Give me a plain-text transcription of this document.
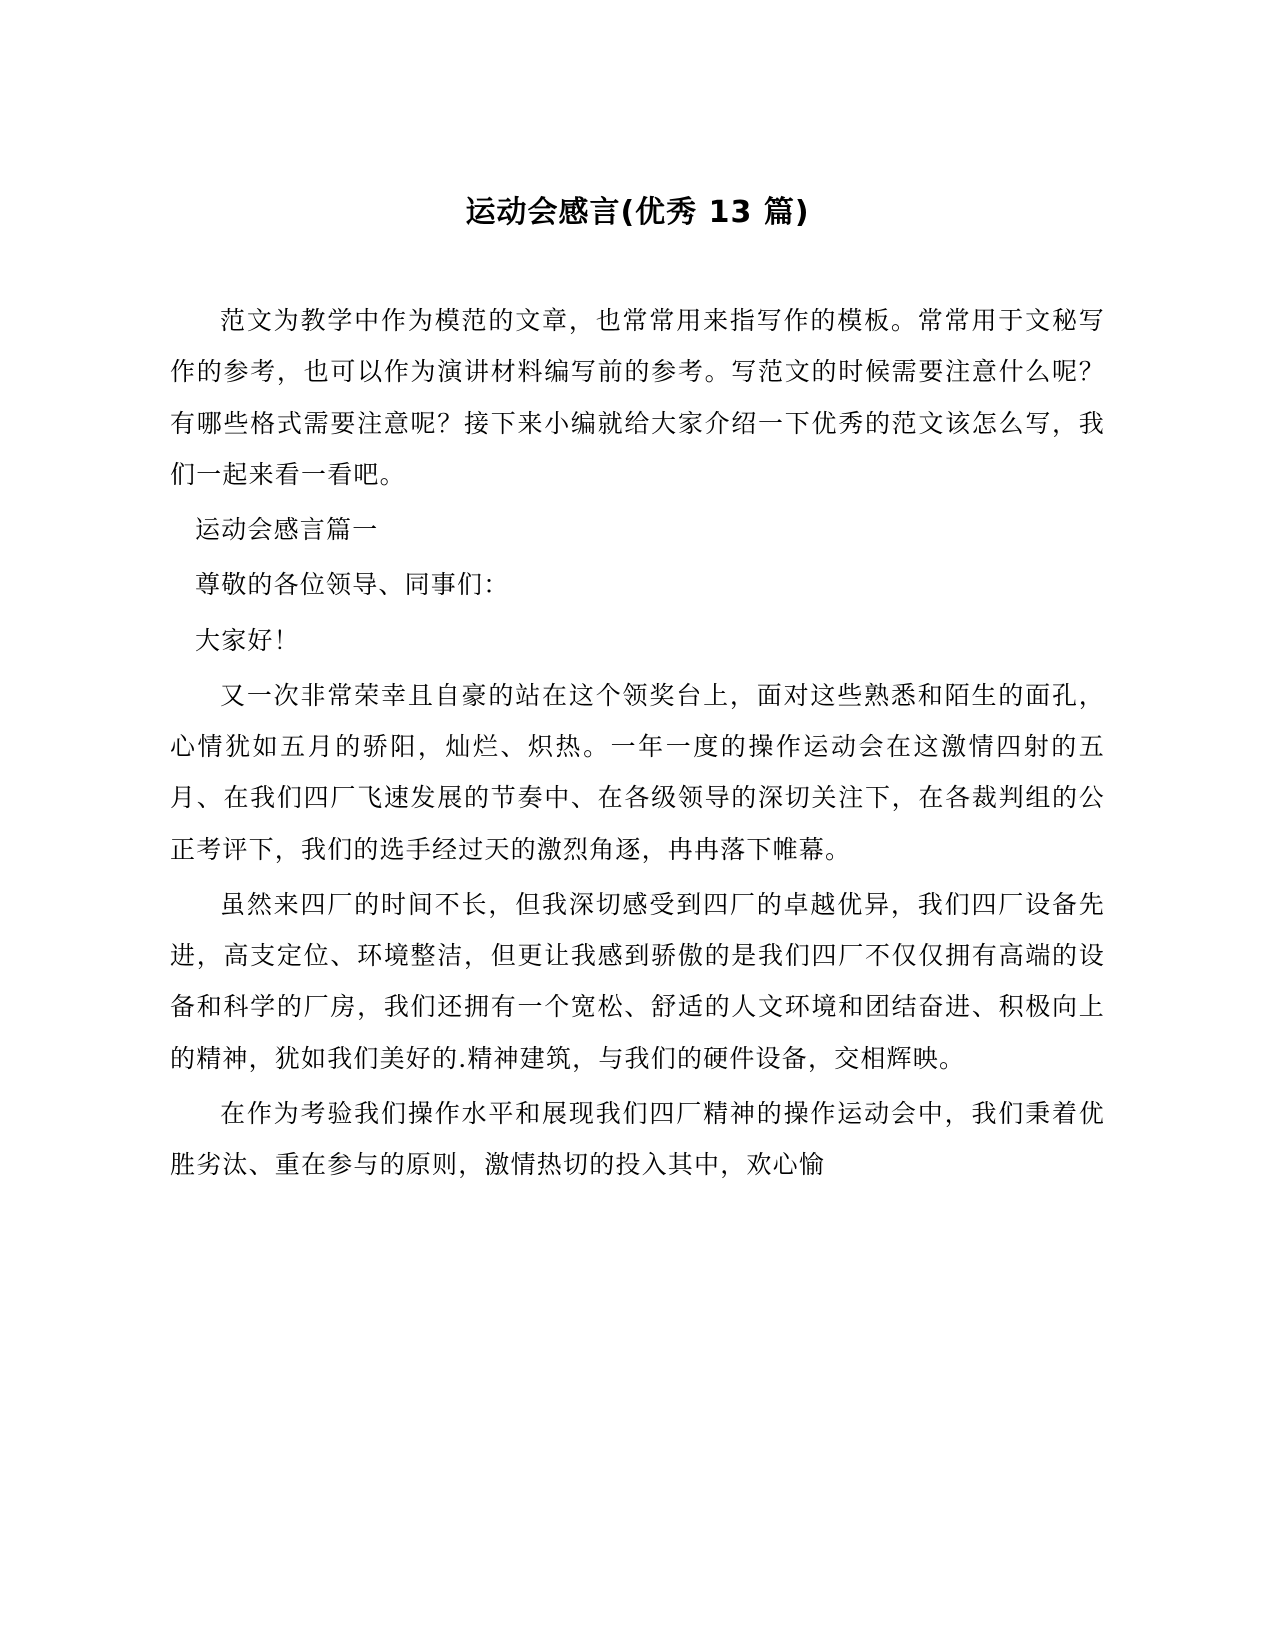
运动会感言(优秀 13 篇)

范文为教学中作为模范的文章，也常常用来指写作的模板。常常用于文秘写作的参考，也可以作为演讲材料编写前的参考。写范文的时候需要注意什么呢？有哪些格式需要注意呢？接下来小编就给大家介绍一下优秀的范文该怎么写，我们一起来看一看吧。

运动会感言篇一

尊敬的各位领导、同事们：

大家好！

又一次非常荣幸且自豪的站在这个领奖台上，面对这些熟悉和陌生的面孔，心情犹如五月的骄阳，灿烂、炽热。一年一度的操作运动会在这激情四射的五月、在我们四厂飞速发展的节奏中、在各级领导的深切关注下，在各裁判组的公正考评下，我们的选手经过天的激烈角逐，冉冉落下帷幕。

虽然来四厂的时间不长，但我深切感受到四厂的卓越优异，我们四厂设备先进，高支定位、环境整洁，但更让我感到骄傲的是我们四厂不仅仅拥有高端的设备和科学的厂房，我们还拥有一个宽松、舒适的人文环境和团结奋进、积极向上的精神，犹如我们美好的.精神建筑，与我们的硬件设备，交相辉映。

在作为考验我们操作水平和展现我们四厂精神的操作运动会中，我们秉着优胜劣汰、重在参与的原则，激情热切的投入其中，欢心愉
